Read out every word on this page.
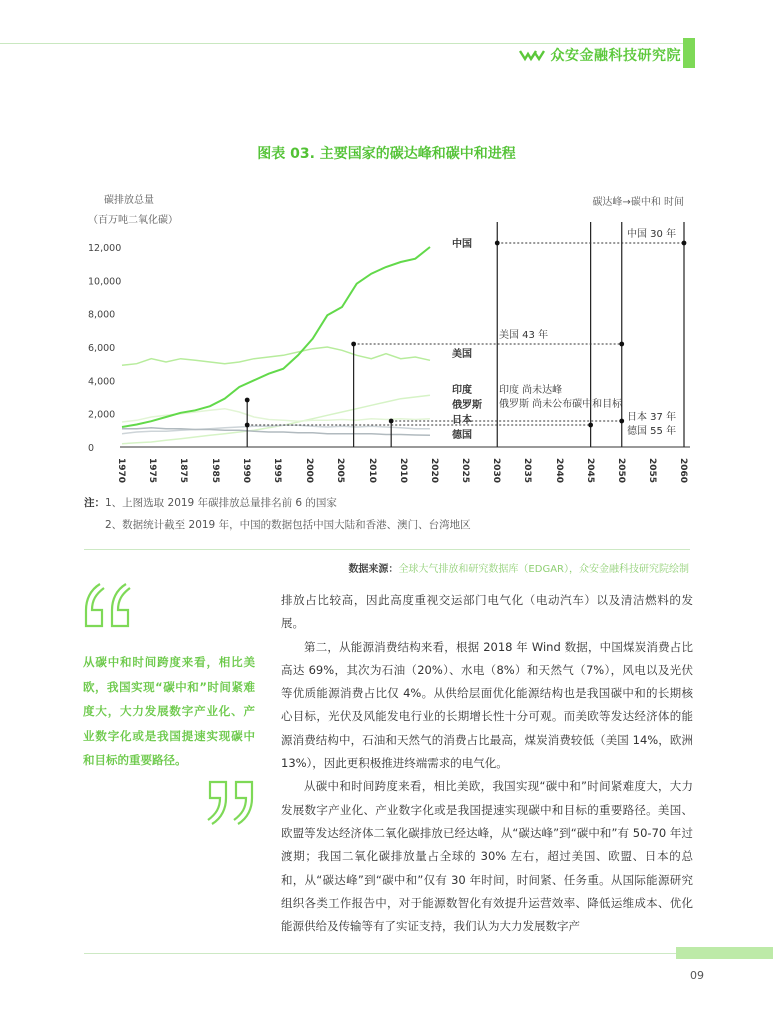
众安金融科技研究院
图表 03. 主要国家的碳达峰和碳中和进程
碳排放总量
（百万吨二氧化碳）
碳达峰→碳中和 时间
12,000
10,000
8,000
6,000
4,000
2,000
0
1970 1975 1875 1985 1990 1995 2000 2005 2010 2010 2020 2025 2030 2035 2040 2045 2050 2055 2060
中国
美国
印度
俄罗斯
日本
德国
中国 30 年
美国 43 年
日本 37 年
德国 55 年
印度 尚未达峰
俄罗斯 尚未公布碳中和目标
注：1、上图选取 2019 年碳排放总量排名前 6 的国家
2、数据统计截至 2019 年，中国的数据包括中国大陆和香港、澳门、台湾地区
数据来源：全球大气排放和研究数据库（EDGAR），众安金融科技研究院绘制
从碳中和时间跨度来看，相比美欧，我国实现“碳中和”时间紧难度大，大力发展数字产业化、产业数字化或是我国提速实现碳中和目标的重要路径。

排放占比较高，因此高度重视交运部门电气化（电动汽车）以及清洁燃料的发展。

第二，从能源消费结构来看，根据 2018 年 Wind 数据，中国煤炭消费占比高达 69%，其次为石油（20%）、水电（8%）和天然气（7%），风电以及光伏等优质能源消费占比仅 4%。从供给层面优化能源结构也是我国碳中和的长期核心目标，光伏及风能发电行业的长期增长性十分可观。而美欧等发达经济体的能源消费结构中，石油和天然气的消费占比最高，煤炭消费较低（美国 14%，欧洲 13%），因此更积极推进终端需求的电气化。

从碳中和时间跨度来看，相比美欧，我国实现“碳中和”时间紧难度大，大力发展数字产业化、产业数字化或是我国提速实现碳中和目标的重要路径。美国、欧盟等发达经济体二氧化碳排放已经达峰，从“碳达峰”到“碳中和”有 50-70 年过渡期；我国二氧化碳排放量占全球的 30% 左右，超过美国、欧盟、日本的总和，从“碳达峰”到“碳中和”仅有 30 年时间，时间紧、任务重。从国际能源研究组织各类工作报告中，对于能源数智化有效提升运营效率、降低运维成本、优化能源供给及传输等有了实证支持，我们认为大力发展数字产

09
